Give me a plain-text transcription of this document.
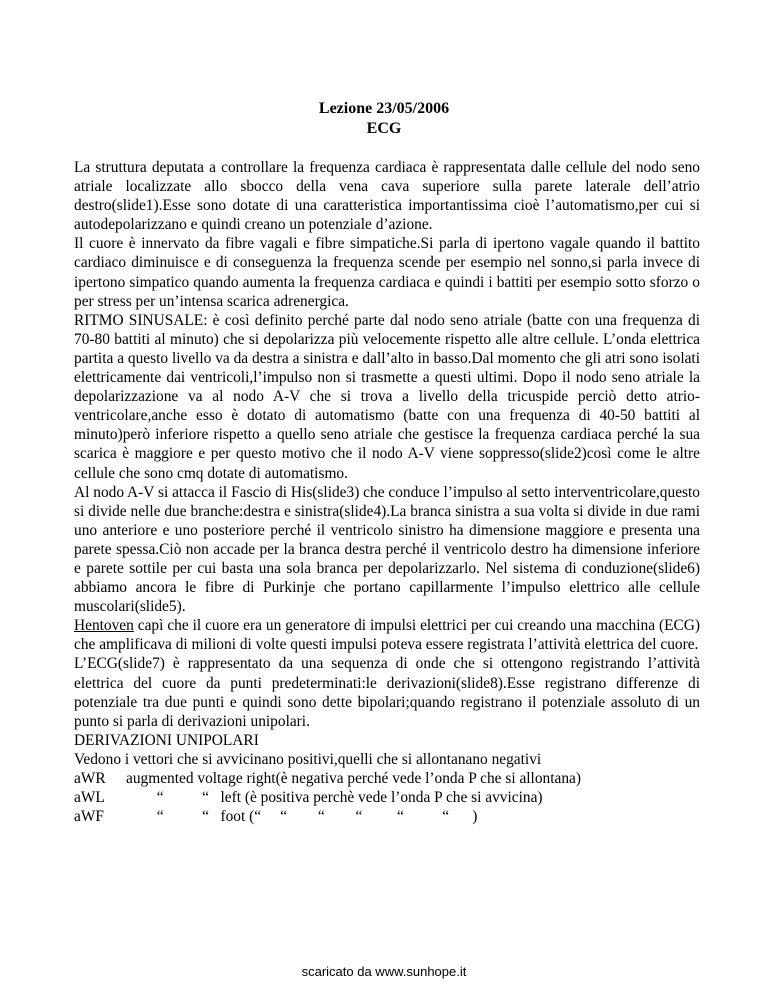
Lezione 23/05/2006
ECG

La struttura deputata a controllare la frequenza cardiaca è rappresentata dalle cellule del nodo seno atriale localizzate allo sbocco della vena cava superiore sulla parete laterale dell’atrio destro(slide1).Esse sono dotate di una caratteristica importantissima cioè l’automatismo,per cui si autodepolarizzano e quindi creano un potenziale d’azione.

Il cuore è innervato da fibre vagali e fibre simpatiche.Si parla di ipertono vagale quando il battito cardiaco diminuisce e di conseguenza la frequenza scende per esempio nel sonno,si parla invece di ipertono simpatico quando aumenta la frequenza cardiaca e quindi i battiti per esempio sotto sforzo o per stress per un’intensa scarica adrenergica.

RITMO SINUSALE: è così definito perché parte dal nodo seno atriale (batte con una frequenza di 70-80 battiti al minuto) che si depolarizza più velocemente rispetto alle altre cellule. L’onda elettrica partita a questo livello va da destra a sinistra e dall’alto in basso.Dal momento che gli atri sono isolati elettricamente dai ventricoli,l’impulso non si trasmette a questi ultimi. Dopo il nodo seno atriale la depolarizzazione va al nodo A-V che si trova a livello della tricuspide perciò detto atrio-ventricolare,anche esso è dotato di automatismo (batte con una frequenza di 40-50 battiti al minuto)però inferiore rispetto a quello seno atriale che gestisce la frequenza cardiaca perché la sua scarica è maggiore e per questo motivo che il nodo A-V viene soppresso(slide2)così come le altre cellule che sono cmq dotate di automatismo.

Al nodo A-V si attacca il Fascio di His(slide3) che conduce l’impulso al setto interventricolare,questo si divide nelle due branche:destra e sinistra(slide4).La branca sinistra a sua volta si divide in due rami uno anteriore e uno posteriore perché il ventricolo sinistro ha dimensione maggiore e presenta una parete spessa.Ciò non accade per la branca destra perché il ventricolo destro ha dimensione inferiore e parete sottile per cui basta una sola branca per depolarizzarlo. Nel sistema di conduzione(slide6) abbiamo ancora le fibre di Purkinje che portano capillarmente l’impulso elettrico alle cellule muscolari(slide5).

Hentoven capì che il cuore era un generatore di impulsi elettrici per cui creando una macchina (ECG) che amplificava di milioni di volte questi impulsi poteva essere registrata l’attività elettrica del cuore.

L’ECG(slide7) è rappresentato da una sequenza di onde che si ottengono registrando l’attività elettrica del cuore da punti predeterminati:le derivazioni(slide8).Esse registrano differenze di potenziale tra due punti e quindi sono dette bipolari;quando registrano il potenziale assoluto di un punto si parla di derivazioni unipolari.

DERIVAZIONI UNIPOLARI

Vedono i vettori che si avvicinano positivi,quelli che si allontanano negativi

aWR	augmented voltage right(è negativa perché vede l’onda P che si allontana)
aWL	“          “   left (è positiva perchè vede l’onda P che si avvicina)
aWF	“          “   foot (“     “        “        “         “          “      )
scaricato da www.sunhope.it
